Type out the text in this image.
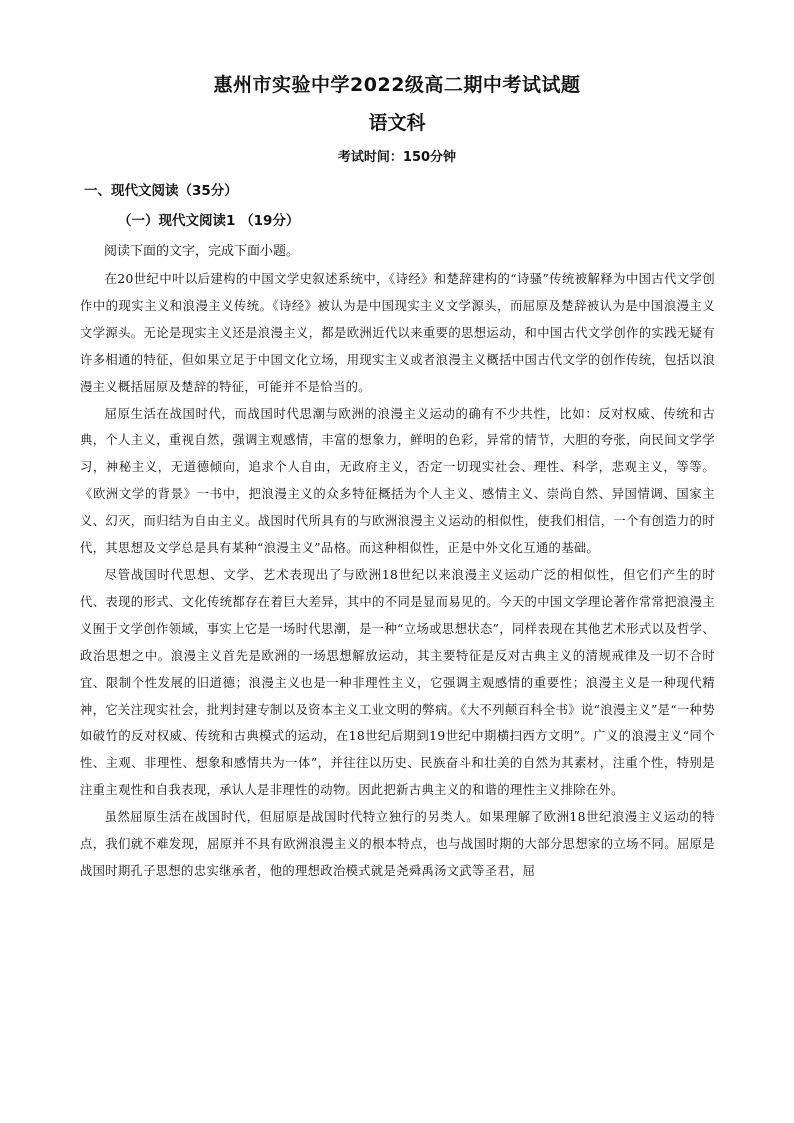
惠州市实验中学2022级高二期中考试试题
语文科
考试时间：150分钟
一、现代文阅读（35分）
（一）现代文阅读1 （19分）
阅读下面的文字，完成下面小题。

在20世纪中叶以后建构的中国文学史叙述系统中，《诗经》和楚辞建构的“诗骚”传统被解释为中国古代文学创作中的现实主义和浪漫主义传统。《诗经》被认为是中国现实主义文学源头，而屈原及楚辞被认为是中国浪漫主义文学源头。无论是现实主义还是浪漫主义，都是欧洲近代以来重要的思想运动，和中国古代文学创作的实践无疑有许多相通的特征，但如果立足于中国文化立场，用现实主义或者浪漫主义概括中国古代文学的创作传统，包括以浪漫主义概括屈原及楚辞的特征，可能并不是恰当的。

屈原生活在战国时代，而战国时代思潮与欧洲的浪漫主义运动的确有不少共性，比如：反对权威、传统和古典，个人主义，重视自然，强调主观感情，丰富的想象力，鲜明的色彩，异常的情节，大胆的夸张，向民间文学学习，神秘主义，无道德倾向，追求个人自由，无政府主义，否定一切现实社会、理性、科学，悲观主义，等等。《欧洲文学的背景》一书中，把浪漫主义的众多特征概括为个人主义、感情主义、崇尚自然、异国情调、国家主义、幻灭，而归结为自由主义。战国时代所具有的与欧洲浪漫主义运动的相似性，使我们相信，一个有创造力的时代，其思想及文学总是具有某种“浪漫主义”品格。而这种相似性，正是中外文化互通的基础。

尽管战国时代思想、文学、艺术表现出了与欧洲18世纪以来浪漫主义运动广泛的相似性，但它们产生的时代、表现的形式、文化传统都存在着巨大差异，其中的不同是显而易见的。今天的中国文学理论著作常常把浪漫主义囿于文学创作领域，事实上它是一场时代思潮，是一种“立场或思想状态”，同样表现在其他艺术形式以及哲学、政治思想之中。浪漫主义首先是欧洲的一场思想解放运动，其主要特征是反对古典主义的清规戒律及一切不合时宜、限制个性发展的旧道德；浪漫主义也是一种非理性主义，它强调主观感情的重要性；浪漫主义是一种现代精神，它关注现实社会，批判封建专制以及资本主义工业文明的弊病。《大不列颠百科全书》说“浪漫主义”是“一种势如破竹的反对权威、传统和古典模式的运动，在18世纪后期到19世纪中期横扫西方文明”。广义的浪漫主义“同个性、主观、非理性、想象和感情共为一体”，并往往以历史、民族奋斗和壮美的自然为其素材，注重个性，特别是注重主观性和自我表现，承认人是非理性的动物。因此把新古典主义的和谐的理性主义排除在外。

虽然屈原生活在战国时代，但屈原是战国时代特立独行的另类人。如果理解了欧洲18世纪浪漫主义运动的特点，我们就不难发现，屈原并不具有欧洲浪漫主义的根本特点，也与战国时期的大部分思想家的立场不同。屈原是战国时期孔子思想的忠实继承者，他的理想政治模式就是尧舜禹汤文武等圣君，屈
